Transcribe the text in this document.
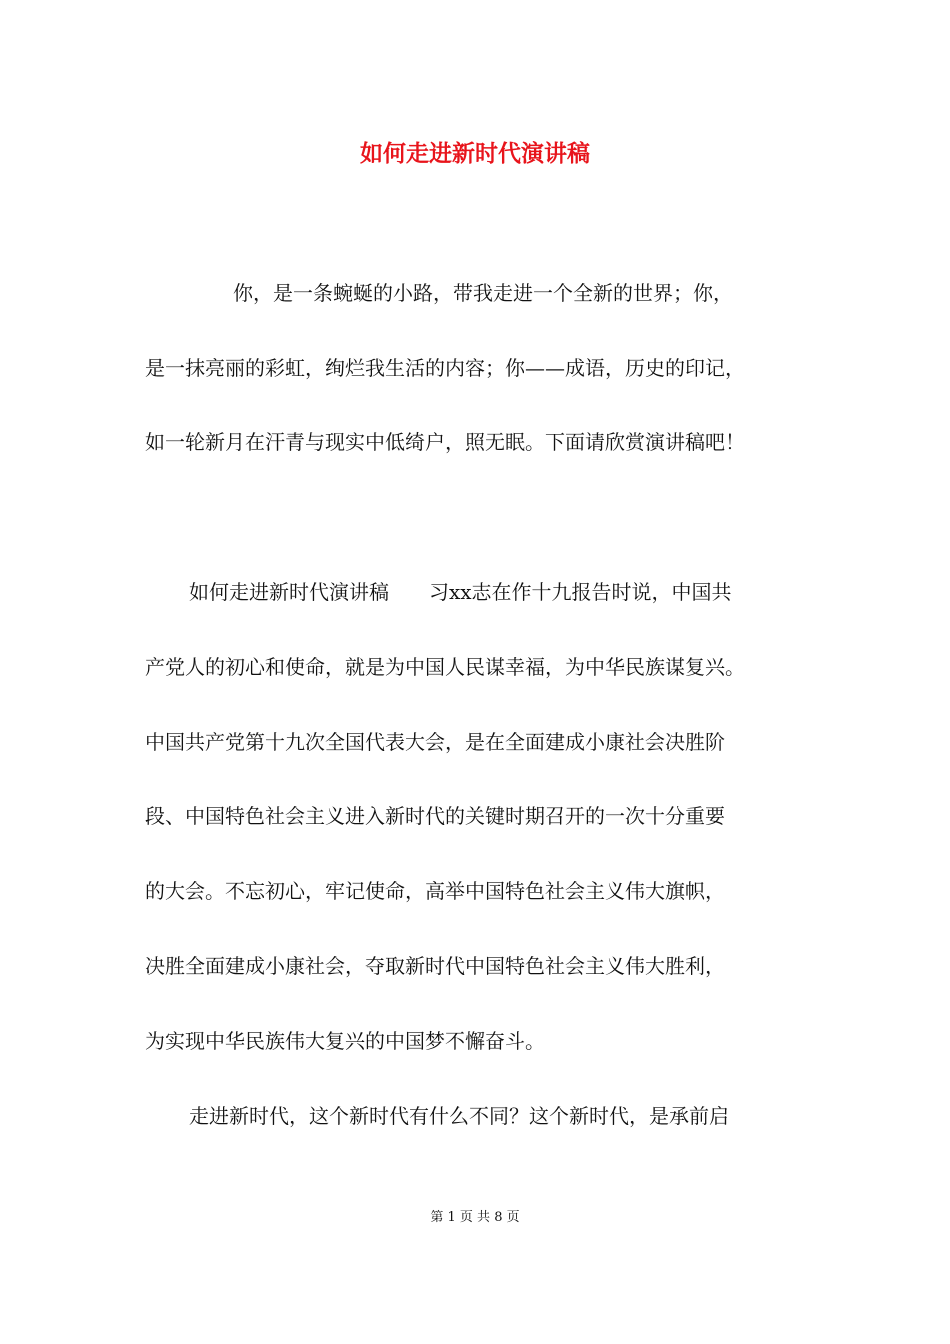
如何走进新时代演讲稿
你，是一条蜿蜒的小路，带我走进一个全新的世界；你，
是一抹亮丽的彩虹，绚烂我生活的内容；你——成语，历史的印记，
如一轮新月在汗青与现实中低绮户，照无眠。下面请欣赏演讲稿吧！
如何走进新时代演讲稿　　习xx志在作十九报告时说，中国共
产党人的初心和使命，就是为中国人民谋幸福，为中华民族谋复兴。
中国共产党第十九次全国代表大会，是在全面建成小康社会决胜阶
段、中国特色社会主义进入新时代的关键时期召开的一次十分重要
的大会。不忘初心，牢记使命，高举中国特色社会主义伟大旗帜，
决胜全面建成小康社会，夺取新时代中国特色社会主义伟大胜利，
为实现中华民族伟大复兴的中国梦不懈奋斗。
走进新时代，这个新时代有什么不同？这个新时代，是承前启
第 1 页 共 8 页
